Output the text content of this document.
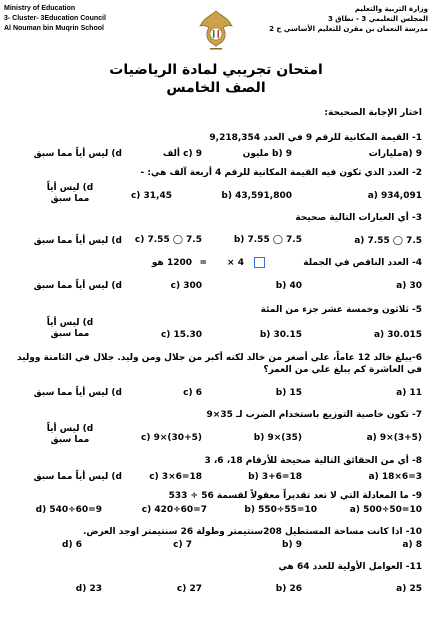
Ministry of Education
3- Cluster- 3Education Council
Al Nouman bin Muqrin School
وزارة التربية والتعليم
المجلس التعليمي 3 - نطاق 3
مدرسة النعمان بن مقرن للتعليم الأساسي ح 2
امتحان تجريبي لمادة الرياضيات
الصف الخامس
اختار الإجابة الصحيحة:
1- القيمة المكانية للرقم 9 في العدد 9,218,354
a) 9مليارات
b) 9 مليون
c) 9 ألف
d) ليس أياً مما سبق
2- العدد الذي تكون فيه القيمة المكانية للرقم 4 أربعة آلف هي: -
a) 934,091
b) 43,591,800
c) 31,45
d) ليس أياً مما سبق
3- أي العبارات التالية صحيحة
a) 7.55 ◯ 7.5
b) 7.55 ◯ 7.5
c) 7.55 ◯ 7.5
d) ليس أياً مما سبق
4- العدد الناقص في الجملة
4 ×
=
1200 هو
a) 30
b) 40
c) 300
d) ليس أياً مما سبق
5- ثلاثون وخمسة عشر جزء من المئة
a) 30.015
b) 30.15
c) 15.30
d) ليس أياً مما سبق
6-يبلغ خالد 12 عاماً، علي أصغر من خالد لكنه أكبر من جلال ومن وليد. جلال في الثامنة ووليد في العاشرة كم يبلغ علي من العمر؟
a) 11
b) 15
c) 6
d) ليس أياً مما سبق
7- تكون خاصية التوزيع باستخدام الضرب لـ 35×9
a) 9×(3+5)
b) 9×(35)
c) 9×(30+5)
d) ليس أياً مما سبق
8- أي من الحقائق التالية صحيحة للأرقام 18، 6، 3
a) 18×6=3
b) 3+6=18
c) 3×6=18
d) ليس أياً مما سبق
9- ما المعادلة التي لا تعد تقديراً معقولاً لقسمة 56 ÷ 533
a) 500÷50=10
b) 550÷55=10
c) 420÷60=7
d) 540÷60=9
10- اذا كانت مساحة المستطيل 208سنتيمتر وطولة 26 سنتيمتر اوجد العرض.
a) 8
b) 9
c) 7
d) 6
11- العوامل الأولية للعدد 64 هي
a) 25
b) 26
c) 27
d) 23
